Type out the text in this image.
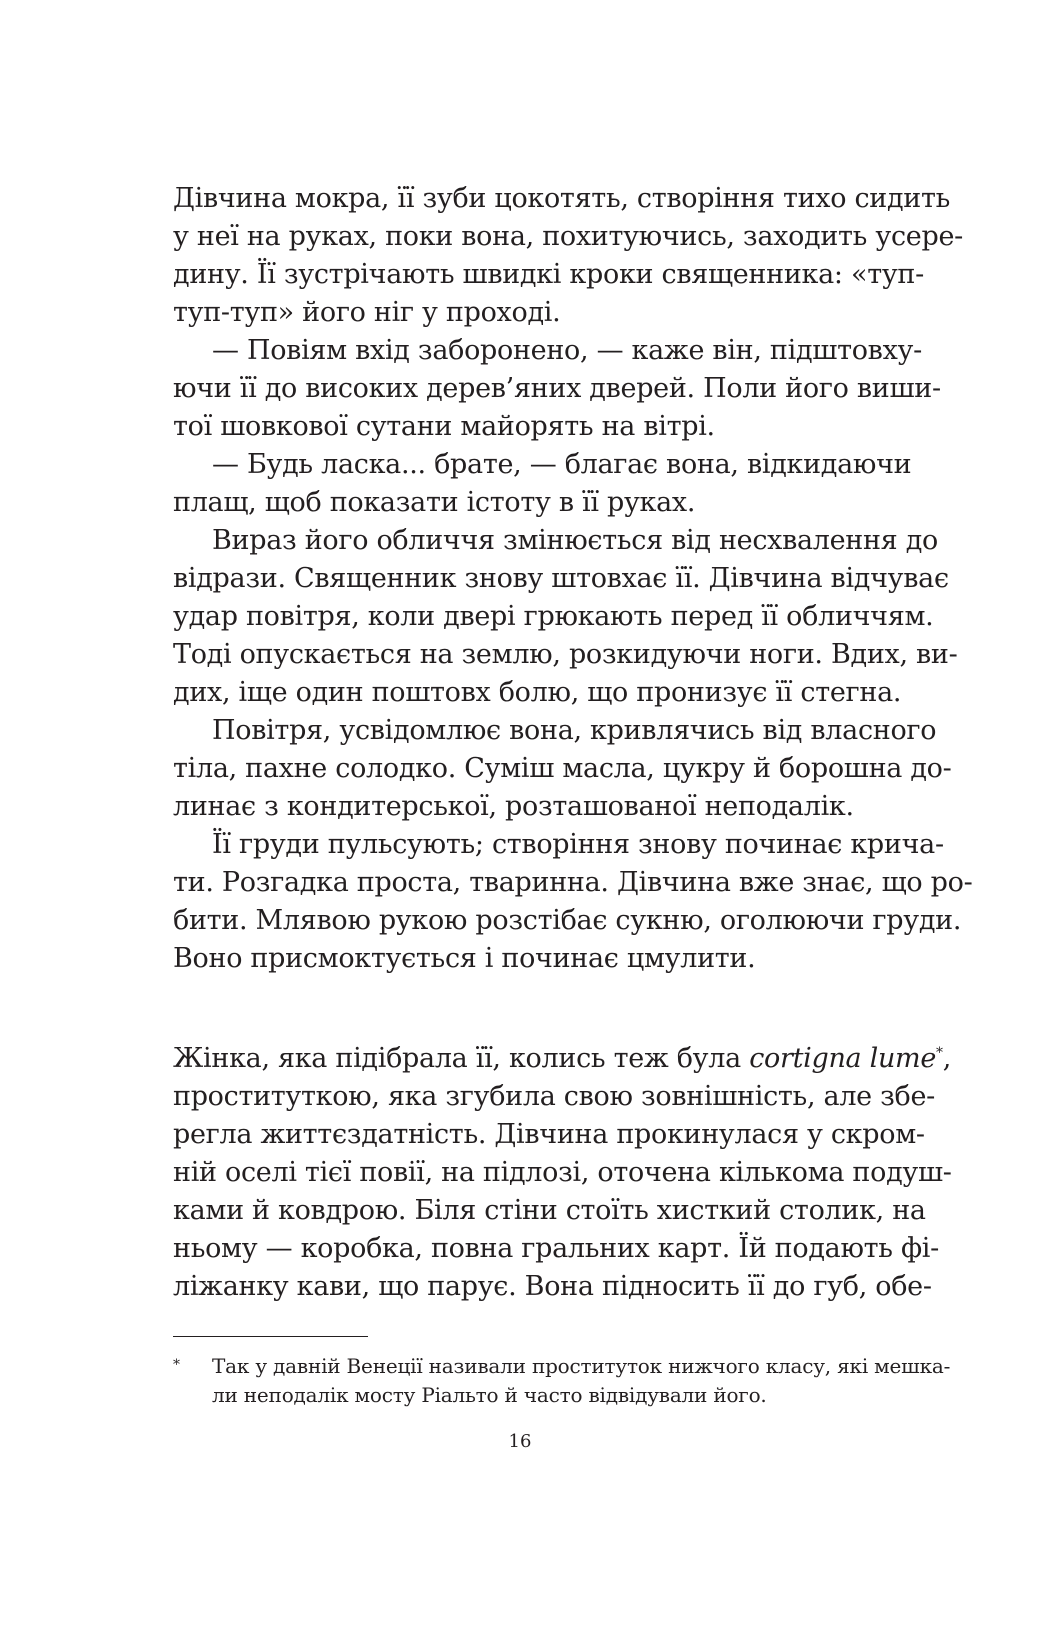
Дівчина мокра, її зуби цокотять, створіння тихо сидить

у неї на руках, поки вона, похитуючись, заходить усере-

дину. Її зустрічають швидкі кроки священника: «туп-

туп-туп» його ніг у проході.

— Повіям вхід заборонено, — каже він, підштовху-

ючи її до високих дерев’яних дверей. Поли його виши-

тої шовкової сутани майорять на вітрі.

— Будь ласка... брате, — благає вона, відкидаючи

плащ, щоб показати істоту в її руках.

Вираз його обличчя змінюється від несхвалення до

відрази. Священник знову штовхає її. Дівчина відчуває

удар повітря, коли двері грюкають перед її обличчям.

Тоді опускається на землю, розкидуючи ноги. Вдих, ви-

дих, іще один поштовх болю, що пронизує її стегна.

Повітря, усвідомлює вона, кривлячись від власного

тіла, пахне солодко. Суміш масла, цукру й борошна до-

линає з кондитерської, розташованої неподалік.

Її груди пульсують; створіння знову починає крича-

ти. Розгадка проста, тваринна. Дівчина вже знає, що ро-

бити. Млявою рукою розстібає сукню, оголюючи груди.

Воно присмоктується і починає цмулити.

Жінка, яка підібрала її, колись теж була cortigna lume*,

проституткою, яка згубила свою зовнішність, але збе-

регла життєздатність. Дівчина прокинулася у скром-

ній оселі тієї повії, на підлозі, оточена кількома подуш-

ками й ковдрою. Біля стіни стоїть хисткий столик, на

ньому — коробка, повна гральних карт. Їй подають фі-

ліжанку кави, що парує. Вона підносить її до губ, обе-

* Так у давній Венеції називали проституток нижчого класу, які мешка-

ли неподалік мосту Ріальто й часто відвідували його.

16
